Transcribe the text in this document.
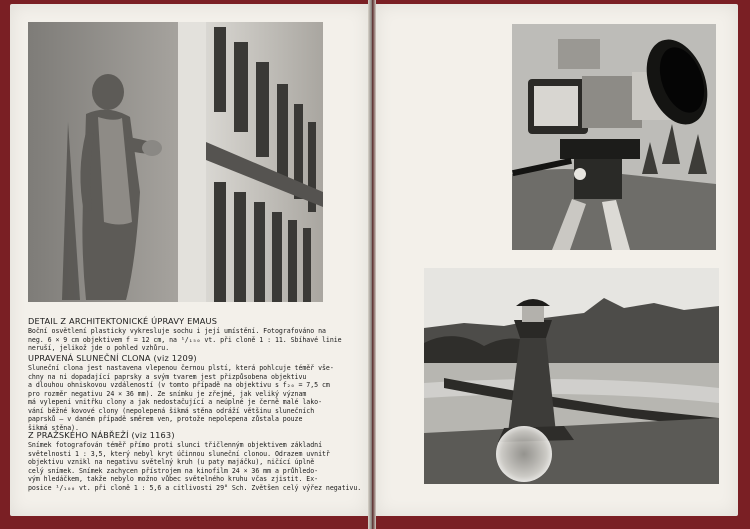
DETAIL Z ARCHITEKTONICKÉ ÚPRAVY EMAUS

Boční osvětlení plasticky vykresluje sochu i její umístění. Fotografováno na

neg. 6 × 9 cm objektivem f = 12 cm, na ¹/₁₅₀ vt. při cloně 1 : 11. Sbíhavé linie

neruší, jelikož jde o pohled vzhůru.

UPRAVENÁ SLUNEČNÍ CLONA (viz 1209)

Sluneční clona jest nastavena vlepenou černou plstí, která pohlcuje téměř vše-

chny na ni dopadající paprsky a svým tvarem jest přizpůsobena objektivu

a dlouhou ohniskovou vzdáleností (v tomto případě na objektivu s f₂₀ = 7,5 cm

pro rozměr negativu 24 × 36 mm). Ze snímku je zřejmé, jak veliký význam

má vylepení vnitřku clony a jak nedostačující a neúplné je černě malé lako-

vání běžné kovové clony (nepolepená šikmá stěna odráží většinu slunečních

paprsků — v daném případě směrem ven, protože nepolepena zůstala pouze

šikmá stěna).

Z PRAŽSKÉHO NÁBŘEŽÍ (viz 1163)

Snímek fotografován téměř přímo proti slunci třičlenným objektivem základní

světelnosti 1 : 3,5, který nebyl kryt účinnou sluneční clonou. Odrazem uvnitř

objektivu vznikl na negativu světelný kruh (u paty majáčku), ničící úplně

celý snímek. Snímek zachycen přístrojem na kinofilm 24 × 36 mm a průhledo-

vým hledáčkem, takže nebylo možno vůbec světelného kruhu včas zjistit. Ex-

posice ¹/₁₀₀ vt. při cloně 1 : 5,6 a citlivosti 29° Sch. Zvětšen celý výřez negativu.
